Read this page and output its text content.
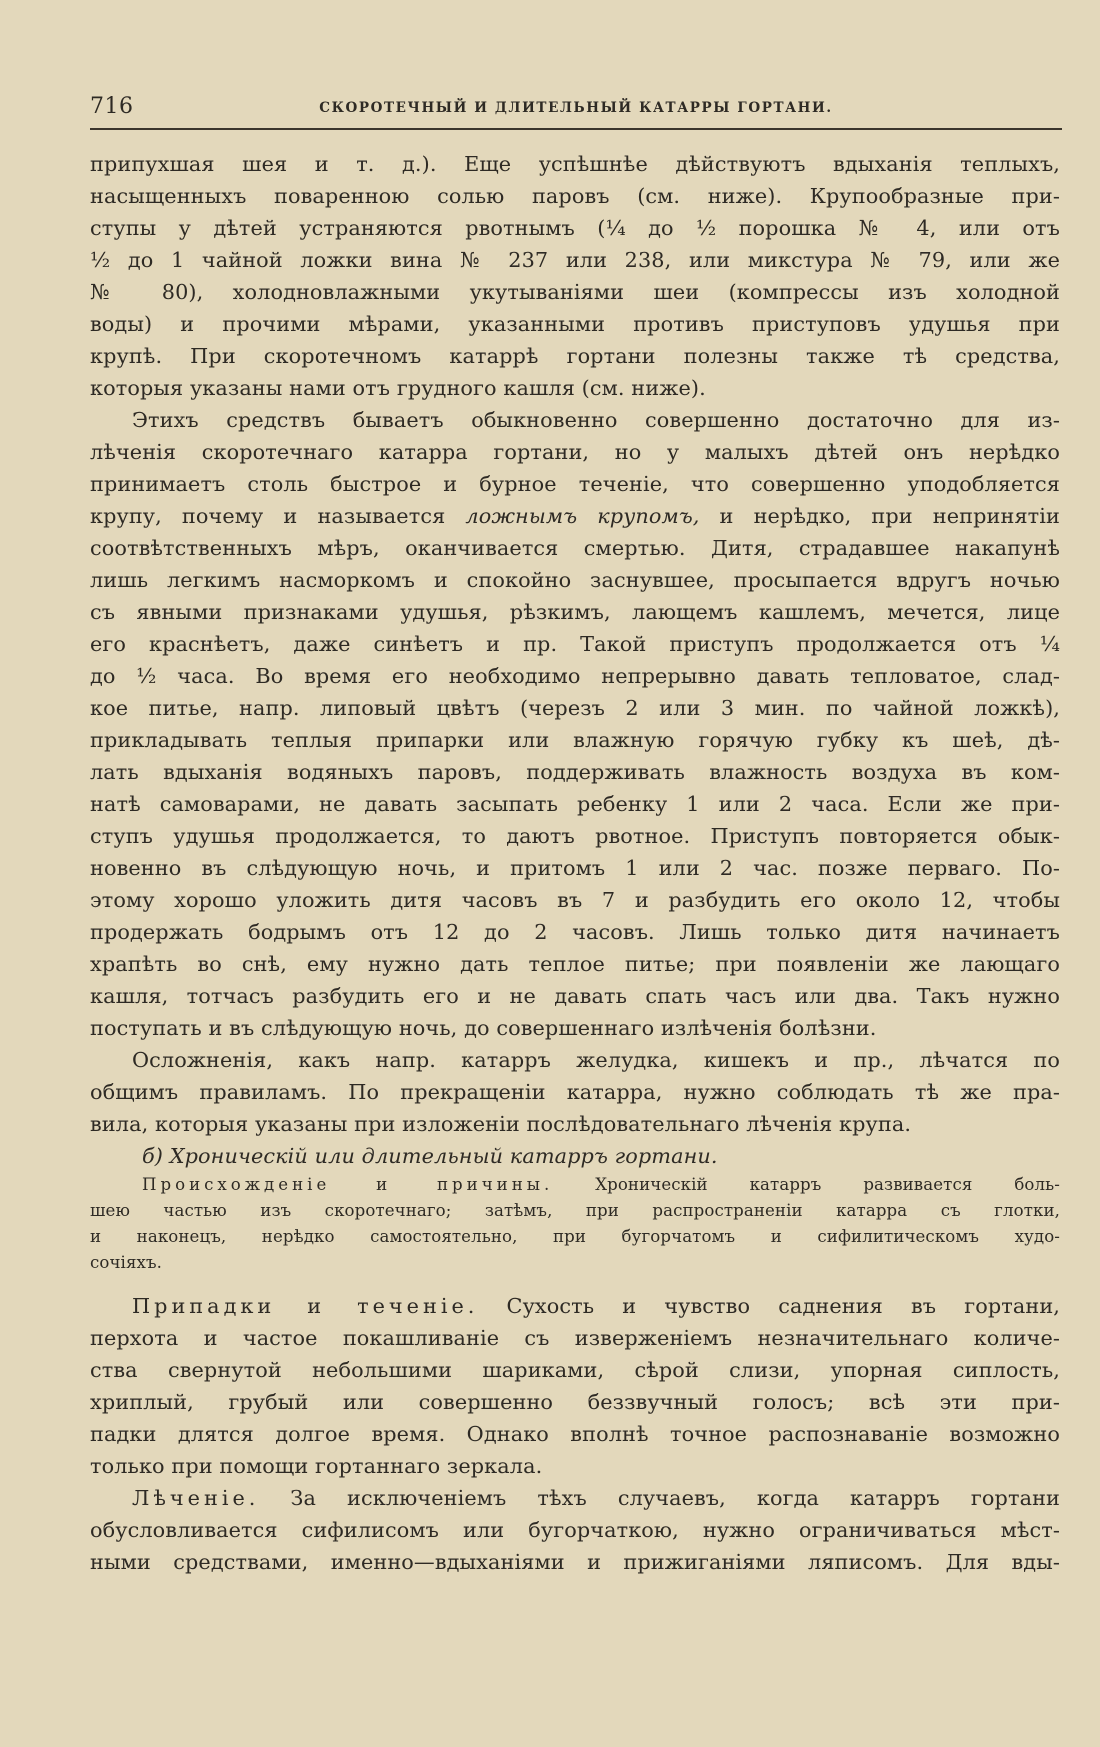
716	СКОРОТЕЧНЫЙ И ДЛИТЕЛЬНЫЙ КАТАРРЫ ГОРТАНИ.
припухшая шея и т. д.). Еще успѣшнѣе дѣйствуютъ вдыханія теплыхъ,
насыщенныхъ поваренною солью паровъ (см. ниже). Крупообразные при-
ступы у дѣтей устраняются рвотнымъ (¼ до ½ порошка № 4, или отъ
½ до 1 чайной ложки вина № 237 или 238, или микстура № 79, или же
№ 80), холодновлажными укутываніями шеи (компрессы изъ холодной
воды) и прочими мѣрами, указанными противъ приступовъ удушья при
крупѣ. При скоротечномъ катаррѣ гортани полезны также тѣ средства,
которыя указаны нами отъ грудного кашля (см. ниже).
Этихъ средствъ бываетъ обыкновенно совершенно достаточно для из-
лѣченія скоротечнаго катарра гортани, но у малыхъ дѣтей онъ нерѣдко
принимаетъ столь быстрое и бурное теченіе, что совершенно уподобляется
крупу, почему и называется ложнымъ крупомъ, и нерѣдко, при непринятіи
соотвѣтственныхъ мѣръ, оканчивается смертью. Дитя, страдавшее накапунѣ
лишь легкимъ насморкомъ и спокойно заснувшее, просыпается вдругъ ночью
съ явными признаками удушья, рѣзкимъ, лающемъ кашлемъ, мечется, лице
его краснѣетъ, даже синѣетъ и пр. Такой приступъ продолжается отъ ¼
до ½ часа. Во время его необходимо непрерывно давать тепловатое, слад-
кое питье, напр. липовый цвѣтъ (черезъ 2 или 3 мин. по чайной ложкѣ),
прикладывать теплыя припарки или влажную горячую губку къ шеѣ, дѣ-
лать вдыханія водяныхъ паровъ, поддерживать влажность воздуха въ ком-
натѣ самоварами, не давать засыпать ребенку 1 или 2 часа. Если же при-
ступъ удушья продолжается, то даютъ рвотное. Приступъ повторяется обык-
новенно въ слѣдующую ночь, и притомъ 1 или 2 час. позже перваго. По-
этому хорошо уложить дитя часовъ въ 7 и разбудить его около 12, чтобы
продержать бодрымъ отъ 12 до 2 часовъ. Лишь только дитя начинаетъ
храпѣть во снѣ, ему нужно дать теплое питье; при появленіи же лающаго
кашля, тотчасъ разбудить его и не давать спать часъ или два. Такъ нужно
поступать и въ слѣдующую ночь, до совершеннаго излѣченія болѣзни.
Осложненія, какъ напр. катарръ желудка, кишекъ и пр., лѣчатся по
общимъ правиламъ. По прекращеніи катарра, нужно соблюдать тѣ же пра-
вила, которыя указаны при изложеніи послѣдовательнаго лѣченія крупа.
б) Хроническій или длительный катарръ гортани.
Происхожденіе и причины. Хроническій катарръ развивается боль-
шею частью изъ скоротечнаго; затѣмъ, при распространеніи катарра съ глотки,
и наконецъ, нерѣдко самостоятельно, при бугорчатомъ и сифилитическомъ худо-
сочіяхъ.
Припадки и теченіе. Сухость и чувство саднения въ гортани,
перхота и частое покашливаніе съ извержeніемъ незначительнаго количе-
ства свернутой небольшими шариками, сѣрой слизи, упорная сиплость,
хриплый, грубый или совершенно беззвучный голосъ; всѣ эти при-
падки длятся долгое время. Однако вполнѣ точное распознаваніе возможно
только при помощи гортаннаго зеркала.
Лѣченіе. За исключеніемъ тѣхъ случаевъ, когда катарръ гортани
обусловливается сифилисомъ или бугорчаткою, нужно ограничиваться мѣст-
ными средствами, именно—вдыханіями и прижиганіями ляписомъ. Для вды-
